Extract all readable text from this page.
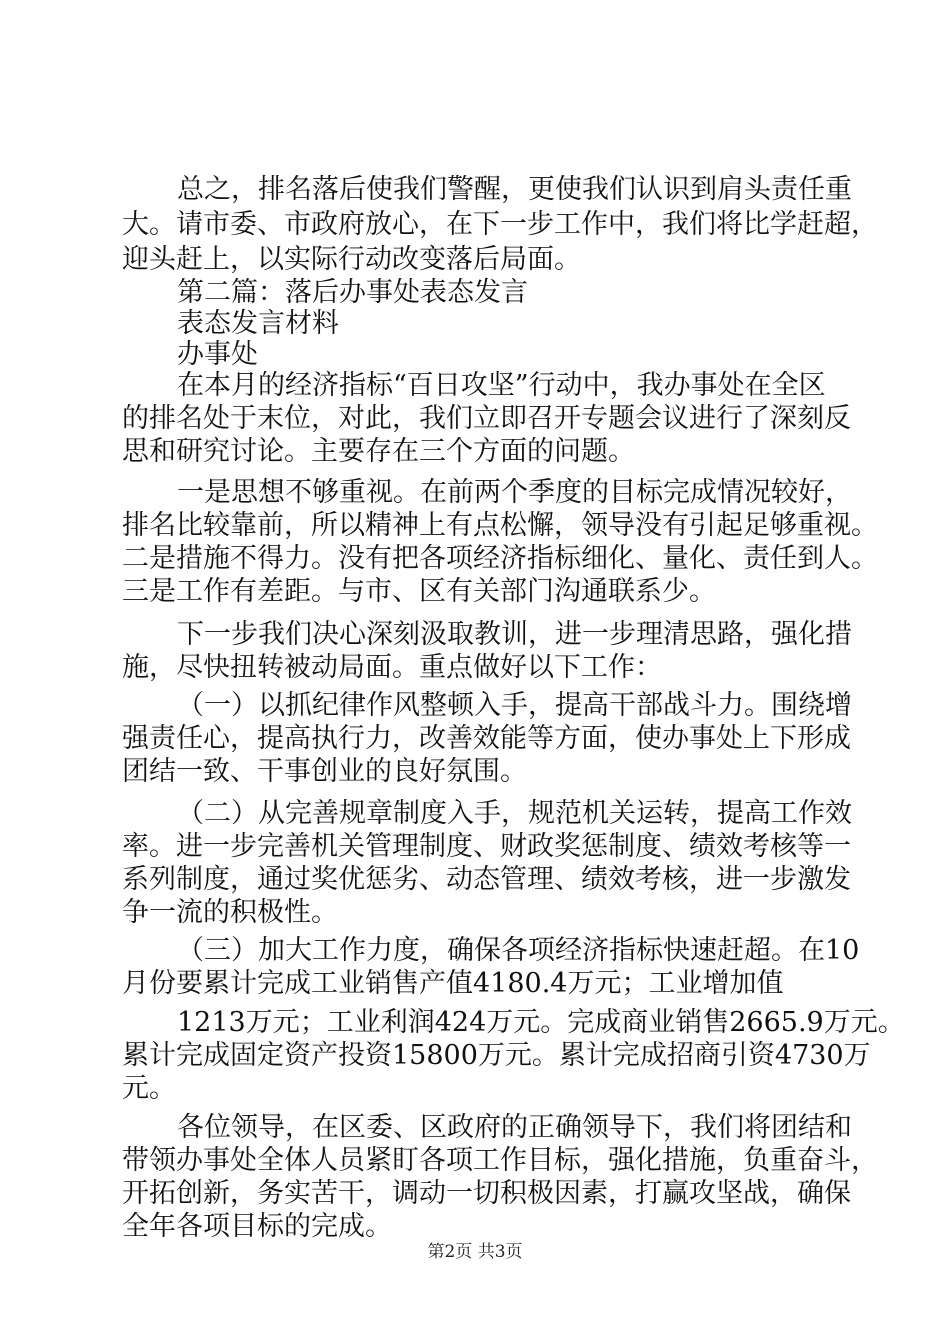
总之，排名落后使我们警醒，更使我们认识到肩头责任重
大。请市委、市政府放心，在下一步工作中，我们将比学赶超，
迎头赶上，以实际行动改变落后局面。
第二篇：落后办事处表态发言
表态发言材料
办事处
在本月的经济指标“百日攻坚”行动中，我办事处在全区
的排名处于末位，对此，我们立即召开专题会议进行了深刻反
思和研究讨论。主要存在三个方面的问题。
一是思想不够重视。在前两个季度的目标完成情况较好，
排名比较靠前，所以精神上有点松懈，领导没有引起足够重视。
二是措施不得力。没有把各项经济指标细化、量化、责任到人。
三是工作有差距。与市、区有关部门沟通联系少。
下一步我们决心深刻汲取教训，进一步理清思路，强化措
施，尽快扭转被动局面。重点做好以下工作：
（一）以抓纪律作风整顿入手，提高干部战斗力。围绕增
强责任心，提高执行力，改善效能等方面，使办事处上下形成
团结一致、干事创业的良好氛围。
（二）从完善规章制度入手，规范机关运转，提高工作效
率。进一步完善机关管理制度、财政奖惩制度、绩效考核等一
系列制度，通过奖优惩劣、动态管理、绩效考核，进一步激发
争一流的积极性。
（三）加大工作力度，确保各项经济指标快速赶超。在10
月份要累计完成工业销售产值4180.4万元；工业增加值
1213万元；工业利润424万元。完成商业销售2665.9万元。
累计完成固定资产投资15800万元。累计完成招商引资4730万
元。
各位领导，在区委、区政府的正确领导下，我们将团结和
带领办事处全体人员紧盯各项工作目标，强化措施，负重奋斗，
开拓创新，务实苦干，调动一切积极因素，打赢攻坚战，确保
全年各项目标的完成。
第2页 共3页
